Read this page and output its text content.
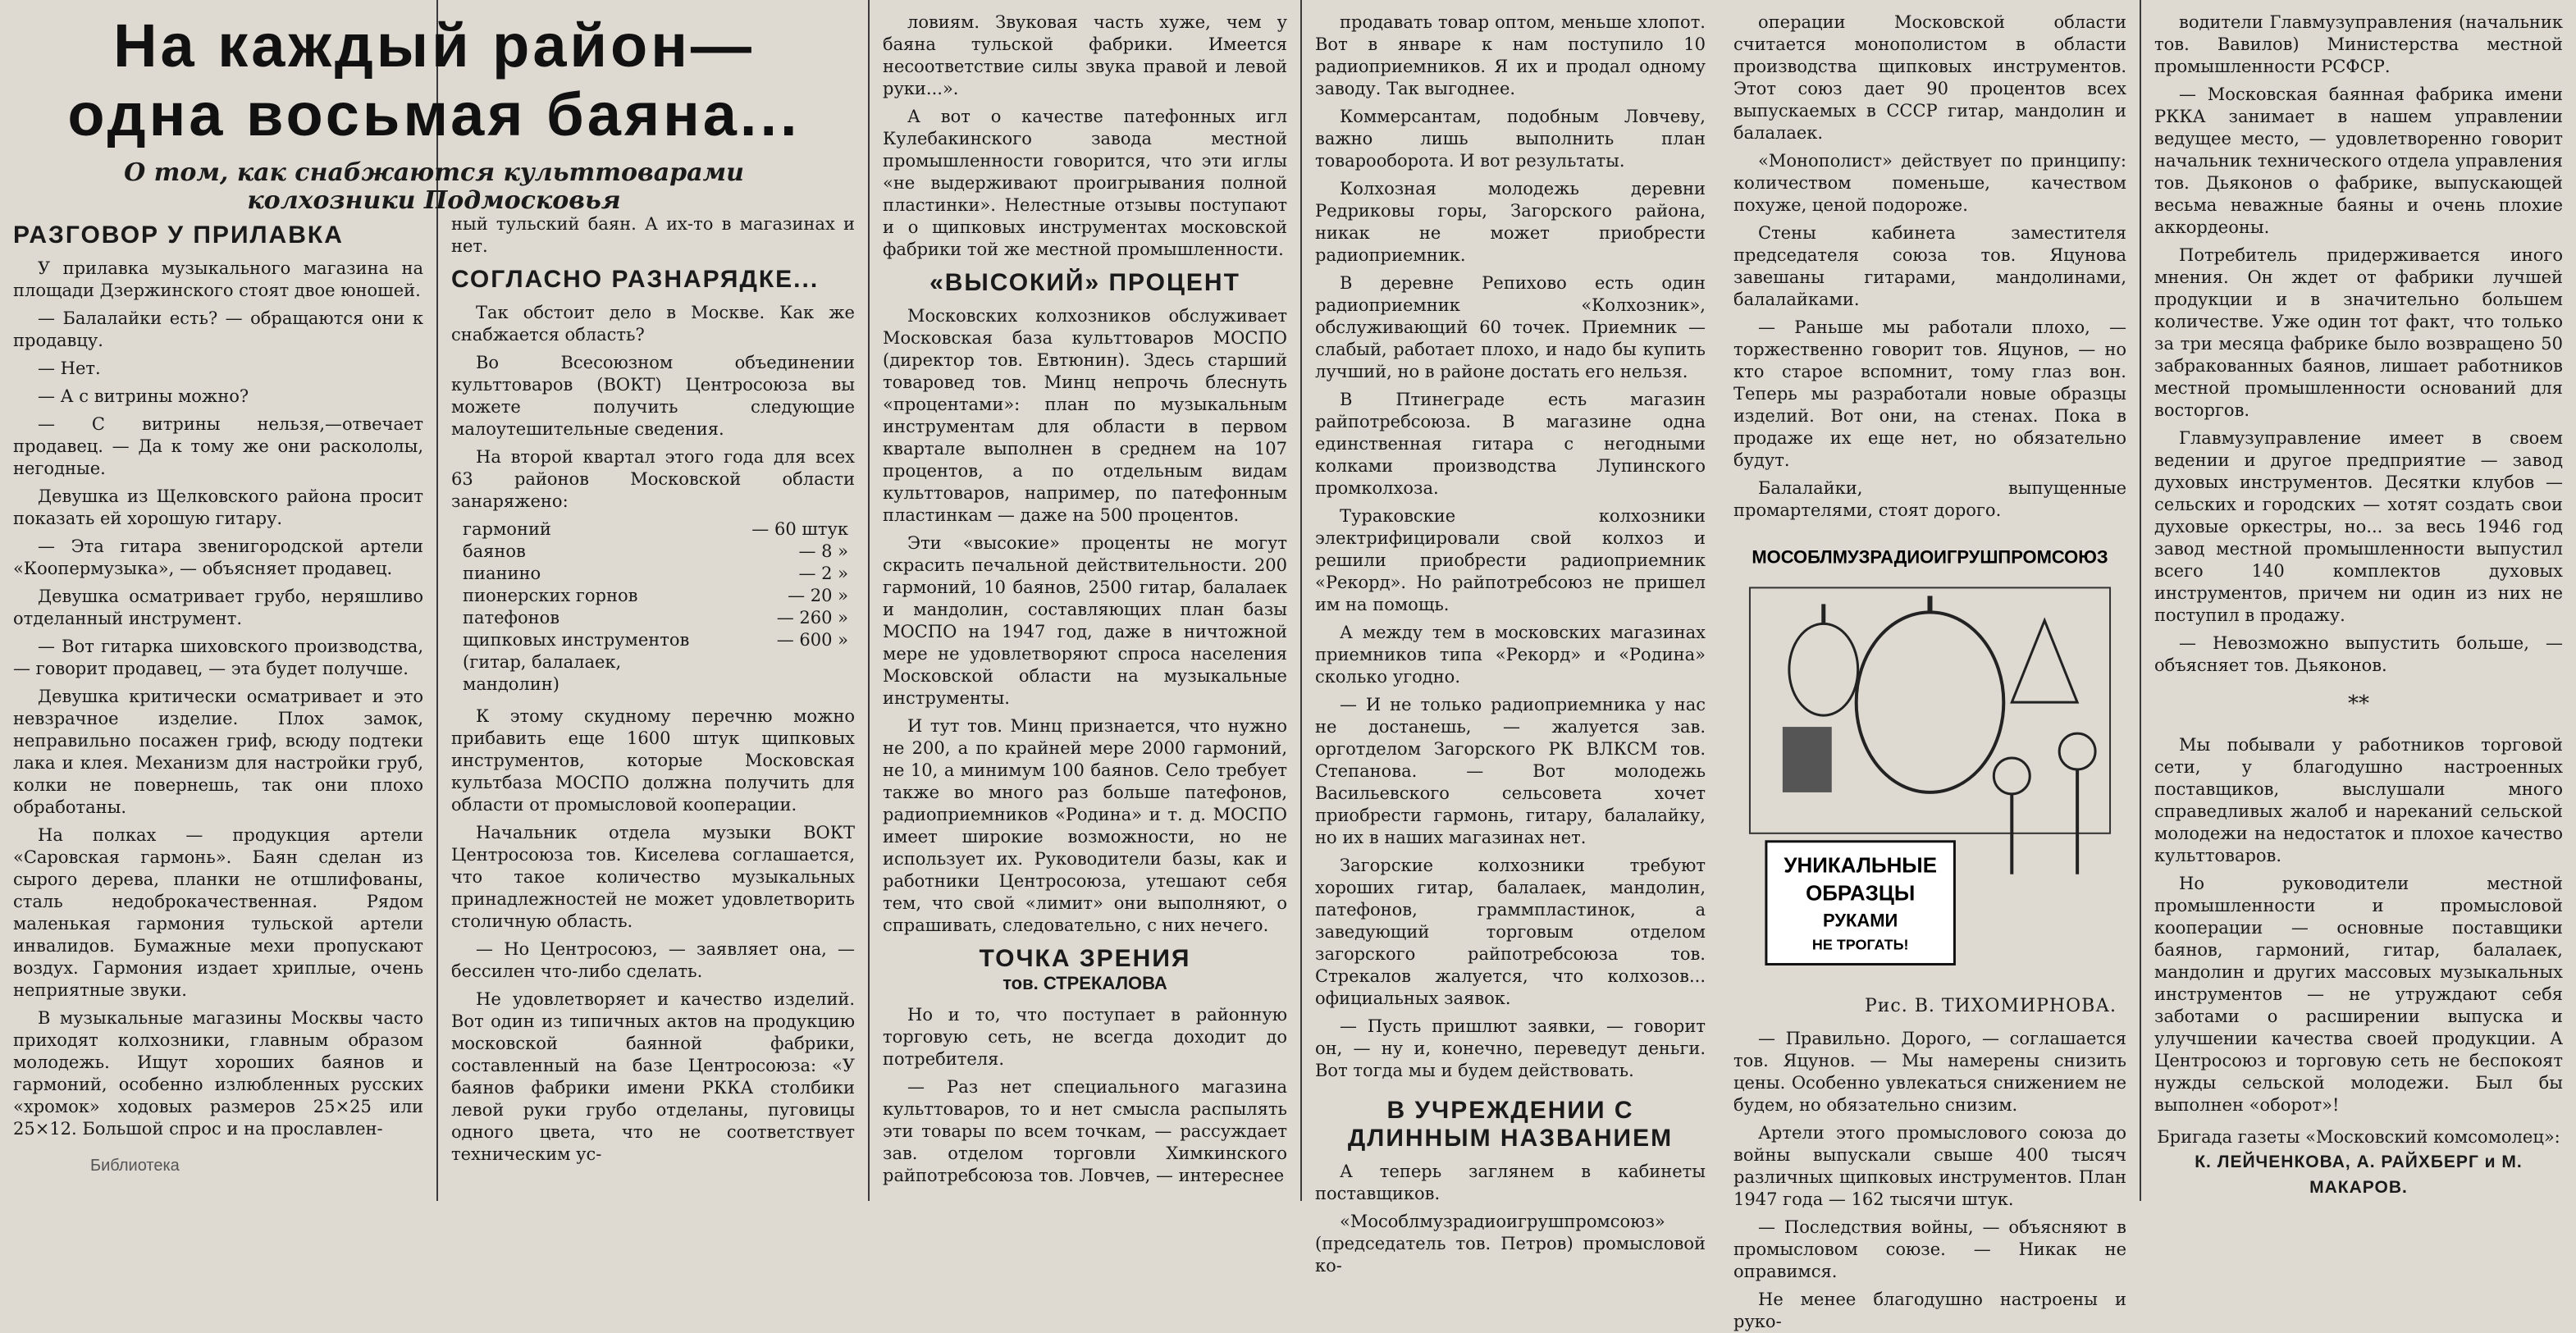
На каждый район—
одна восьмая баяна...
О том, как снабжаются культтоварами
колхозники Подмосковья
РАЗГОВОР У ПРИЛАВКА

У прилавка музыкального магазина на площади Дзержинского стоят двое юношей.

— Балалайки есть? — обращаются они к продавцу.

— Нет.

— А с витрины можно?

— С витрины нельзя,—отвечает продавец. — Да к тому же они раскололы, негодные.

Девушка из Щелковского района просит показать ей хорошую гитару.

— Эта гитара звенигородской артели «Коопермузыка», — объясняет продавец.

Девушка осматривает грубо, неряшливо отделанный инструмент.

— Вот гитарка шиховского производства, — говорит продавец, — эта будет получше.

Девушка критически осматривает и это невзрачное изделие. Плох замок, неправильно посажен гриф, всюду подтеки лака и клея. Механизм для настройки груб, колки не повернешь, так они плохо обработаны.

На полках — продукция артели «Саровская гармонь». Баян сделан из сырого дерева, планки не отшлифованы, сталь недоброкачественная. Рядом маленькая гармония тульской артели инвалидов. Бумажные мехи пропускают воздух. Гармония издает хриплые, очень неприятные звуки.

В музыкальные магазины Москвы часто приходят колхозники, главным образом молодежь. Ищут хороших баянов и гармоний, особенно излюбленных русских «хромок» ходовых размеров 25×25 или 25×12. Большой спрос и на прославлен-

ный тульский баян. А их-то в магазинах и нет.

СОГЛАСНО РАЗНАРЯДКЕ...

Так обстоит дело в Москве. Как же снабжается область?

Во Всесоюзном объединении культтоваров (ВОКТ) Центросоюза вы можете получить следующие малоутешительные сведения.

На второй квартал этого года для всех 63 районов Московской области занаряжено:

гармоний	— 60 штук
баянов	— 8 »
пианино	— 2 »
пионерских горнов	— 20 »
патефонов	— 260 »
щипковых инструментов (гитар, балалаек, мандолин)	— 600 »

К этому скудному перечню можно прибавить еще 1600 штук щипковых инструментов, которые Московская культбаза МОСПО должна получить для области от промысловой кооперации.

Начальник отдела музыки ВОКТ Центросоюза тов. Киселева соглашается, что такое количество музыкальных принадлежностей не может удовлетворить столичную область.

— Но Центросоюз, — заявляет она, — бессилен что-либо сделать.

Не удовлетворяет и качество изделий. Вот один из типичных актов на продукцию московской баянной фабрики, составленный на базе Центросоюза: «У баянов фабрики имени РККА столбики левой руки грубо отделаны, пуговицы одного цвета, что не соответствует техническим ус-

ловиям. Звуковая часть хуже, чем у баяна тульской фабрики. Имеется несоответствие силы звука правой и левой руки...».

А вот о качестве патефонных игл Кулебакинского завода местной промышленности говорится, что эти иглы «не выдерживают проигрывания полной пластинки». Нелестные отзывы поступают и о щипковых инструментах московской фабрики той же местной промышленности.

«ВЫСОКИЙ» ПРОЦЕНТ

Московских колхозников обслуживает Московская база культтоваров МОСПО (директор тов. Евтюнин). Здесь старший товаровед тов. Минц непрочь блеснуть «процентами»: план по музыкальным инструментам для области в первом квартале выполнен в среднем на 107 процентов, а по отдельным видам культтоваров, например, по патефонным пластинкам — даже на 500 процентов.

Эти «высокие» проценты не могут скрасить печальной действительности. 200 гармоний, 10 баянов, 2500 гитар, балалаек и мандолин, составляющих план базы МОСПО на 1947 год, даже в ничтожной мере не удовлетворяют спроса населения Московской области на музыкальные инструменты.

И тут тов. Минц признается, что нужно не 200, а по крайней мере 2000 гармоний, не 10, а минимум 100 баянов. Село требует также во много раз больше патефонов, радиоприемников «Родина» и т. д. МОСПО имеет широкие возможности, но не использует их. Руководители базы, как и работники Центросоюза, утешают себя тем, что свой «лимит» они выполняют, о спрашивать, следовательно, с них нечего.

ТОЧКА ЗРЕНИЯ
тов. СТРЕКАЛОВА

Но и то, что поступает в районную торговую сеть, не всегда доходит до потребителя.

— Раз нет специального магазина культтоваров, то и нет смысла распылять эти товары по всем точкам, — рассуждает зав. отделом торговли Химкинского райпотребсоюза тов. Ловчев, — интереснее

продавать товар оптом, меньше хлопот. Вот в январе к нам поступило 10 радиоприемников. Я их и продал одному заводу. Так выгоднее.

Коммерсантам, подобным Ловчеву, важно лишь выполнить план товарооборота. И вот результаты.

Колхозная молодежь деревни Редриковы горы, Загорского района, никак не может приобрести радиоприемник.

В деревне Репихово есть один радиоприемник «Колхозник», обслуживающий 60 точек. Приемник — слабый, работает плохо, и надо бы купить лучший, но в районе достать его нельзя.

В Птинеграде есть магазин райпотребсоюза. В магазине одна единственная гитара с негодными колками производства Лупинского промколхоза.

Тураковские колхозники электрифицировали свой колхоз и решили приобрести радиоприемник «Рекорд». Но райпотребсоюз не пришел им на помощь.

А между тем в московских магазинах приемников типа «Рекорд» и «Родина» сколько угодно.

— И не только радиоприемника у нас не достанешь, — жалуется зав. орготделом Загорского РК ВЛКСМ тов. Степанова. — Вот молодежь Васильевского сельсовета хочет приобрести гармонь, гитару, балалайку, но их в наших магазинах нет.

Загорские колхозники требуют хороших гитар, балалаек, мандолин, патефонов, граммпластинок, а заведующий торговым отделом загорского райпотребсоюза тов. Стрекалов жалуется, что колхозов... официальных заявок.

— Пусть пришлют заявки, — говорит он, — ну и, конечно, переведут деньги. Вот тогда мы и будем действовать.

В УЧРЕЖДЕНИИ С ДЛИННЫМ НАЗВАНИЕМ

А теперь заглянем в кабинеты поставщиков.

«Мособлмузрадиоигрушпромсоюз» (председатель тов. Петров) промысловой ко-

операции Московской области считается монополистом в области производства щипковых инструментов. Этот союз дает 90 процентов всех выпускаемых в СССР гитар, мандолин и балалаек.

«Монополист» действует по принципу: количеством поменьше, качеством похуже, ценой подороже.

Стены кабинета заместителя председателя союза тов. Яцунова завешаны гитарами, мандолинами, балалайками.

— Раньше мы работали плохо, — торжественно говорит тов. Яцунов, — но кто старое вспомнит, тому глаз вон. Теперь мы разработали новые образцы изделий. Вот они, на стенах. Пока в продаже их еще нет, но обязательно будут.

Балалайки, выпущенные промартелями, стоят дорого.

МОСОБЛМУЗРАДИОИГРУШПРОМСОЮЗ
УНИКАЛЬНЫЕ
ОБРАЗЦЫ
РУКАМИ
НЕ ТРОГАТЬ!
Рис. В. ТИХОМИРНОВА.

— Правильно. Дорого, — соглашается тов. Яцунов. — Мы намерены снизить цены. Особенно увлекаться снижением не будем, но обязательно снизим.

Артели этого промыслового союза до войны выпускали свыше 400 тысяч различных щипковых инструментов. План 1947 года — 162 тысячи штук.

— Последствия войны, — объясняют в промысловом союзе. — Никак не оправимся.

Не менее благодушно настроены и руко-

водители Главмузуправления (начальник тов. Вавилов) Министерства местной промышленности РСФСР.

— Московская баянная фабрика имени РККА занимает в нашем управлении ведущее место, — удовлетворенно говорит начальник технического отдела управления тов. Дьяконов о фабрике, выпускающей весьма неважные баяны и очень плохие аккордеоны.

Потребитель придерживается иного мнения. Он ждет от фабрики лучшей продукции и в значительно большем количестве. Уже один тот факт, что только за три месяца фабрике было возвращено 50 забракованных баянов, лишает работников местной промышленности оснований для восторгов.

Главмузуправление имеет в своем ведении и другое предприятие — завод духовых инструментов. Десятки клубов — сельских и городских — хотят создать свои духовые оркестры, но... за весь 1946 год завод местной промышленности выпустил всего 140 комплектов духовых инструментов, причем ни один из них не поступил в продажу.

— Невозможно выпустить больше, — объясняет тов. Дьяконов.

**

Мы побывали у работников торговой сети, у благодушно настроенных поставщиков, выслушали много справедливых жалоб и нареканий сельской молодежи на недостаток и плохое качество культтоваров.

Но руководители местной промышленности и промысловой кооперации — основные поставщики баянов, гармоний, гитар, балалаек, мандолин и других массовых музыкальных инструментов — не утруждают себя заботами о расширении выпуска и улучшении качества своей продукции. А Центросоюз и торговую сеть не беспокоят нужды сельской молодежи. Был бы выполнен «оборот»!

Бригада газеты «Московский комсомолец»:
К. ЛЕЙЧЕНКОВА, А. РАЙХБЕРГ и М. МАКАРОВ.
Библиотека
